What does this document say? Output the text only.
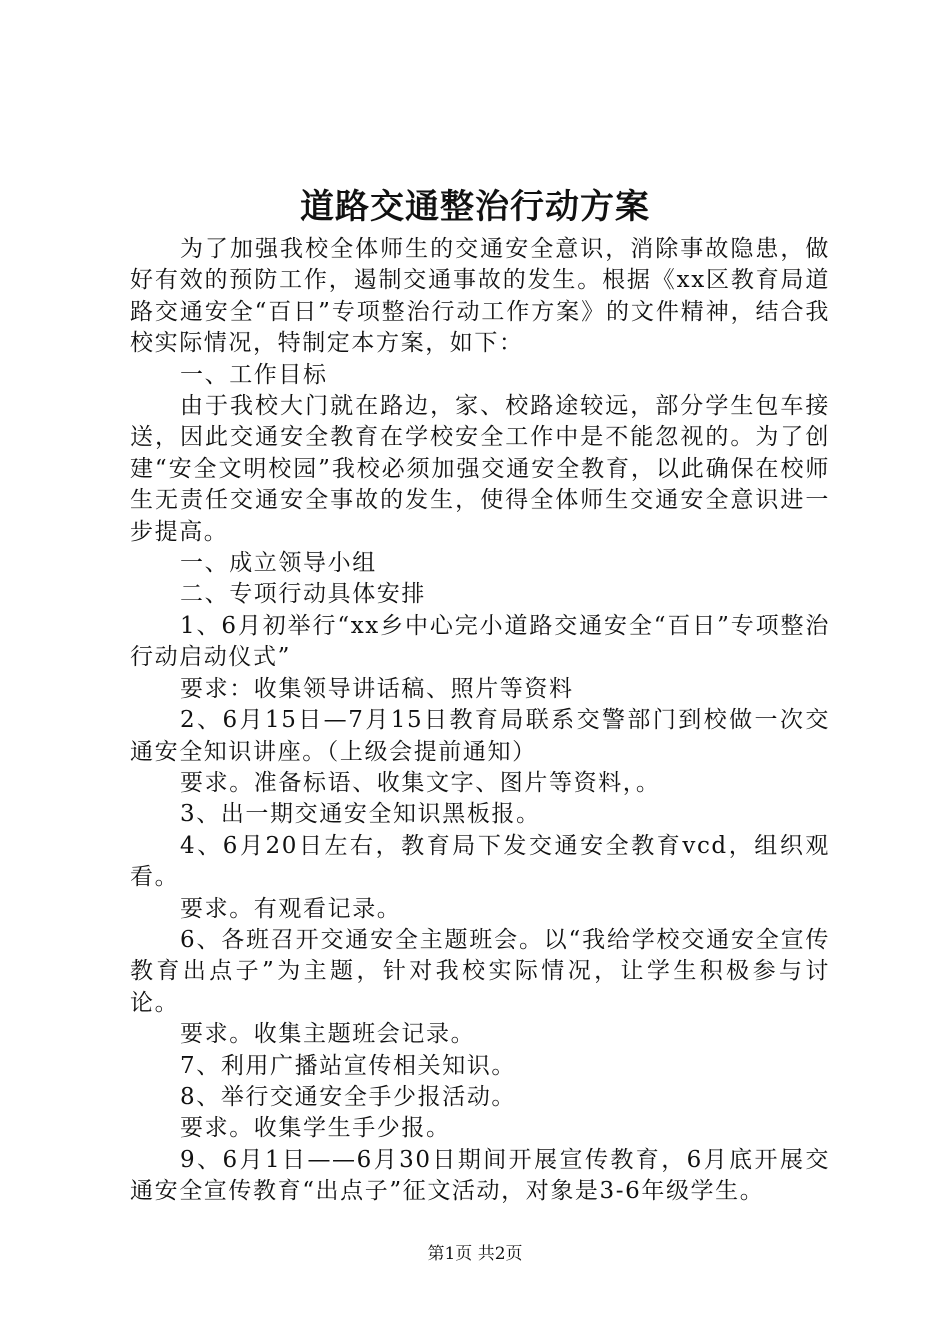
道路交通整治行动方案

为了加强我校全体师生的交通安全意识，消除事故隐患，做好有效的预防工作，遏制交通事故的发生。根据《xx区教育局道路交通安全“百日”专项整治行动工作方案》的文件精神，结合我校实际情况，特制定本方案，如下：

一、工作目标

由于我校大门就在路边，家、校路途较远，部分学生包车接送，因此交通安全教育在学校安全工作中是不能忽视的。为了创建“安全文明校园”我校必须加强交通安全教育，以此确保在校师生无责任交通安全事故的发生，使得全体师生交通安全意识进一步提高。

一、成立领导小组

二、专项行动具体安排

1、6月初举行“xx乡中心完小道路交通安全“百日”专项整治行动启动仪式”

要求：收集领导讲话稿、照片等资料

2、6月15日—7月15日教育局联系交警部门到校做一次交通安全知识讲座。（上级会提前通知）

要求。准备标语、收集文字、图片等资料，。

3、出一期交通安全知识黑板报。

4、6月20日左右，教育局下发交通安全教育vcd，组织观看。

要求。有观看记录。

6、各班召开交通安全主题班会。以“我给学校交通安全宣传教育出点子”为主题，针对我校实际情况，让学生积极参与讨论。

要求。收集主题班会记录。

7、利用广播站宣传相关知识。

8、举行交通安全手少报活动。

要求。收集学生手少报。

9、6月1日——6月30日期间开展宣传教育，6月底开展交通安全宣传教育“出点子”征文活动，对象是3-6年级学生。

第1页 共2页
